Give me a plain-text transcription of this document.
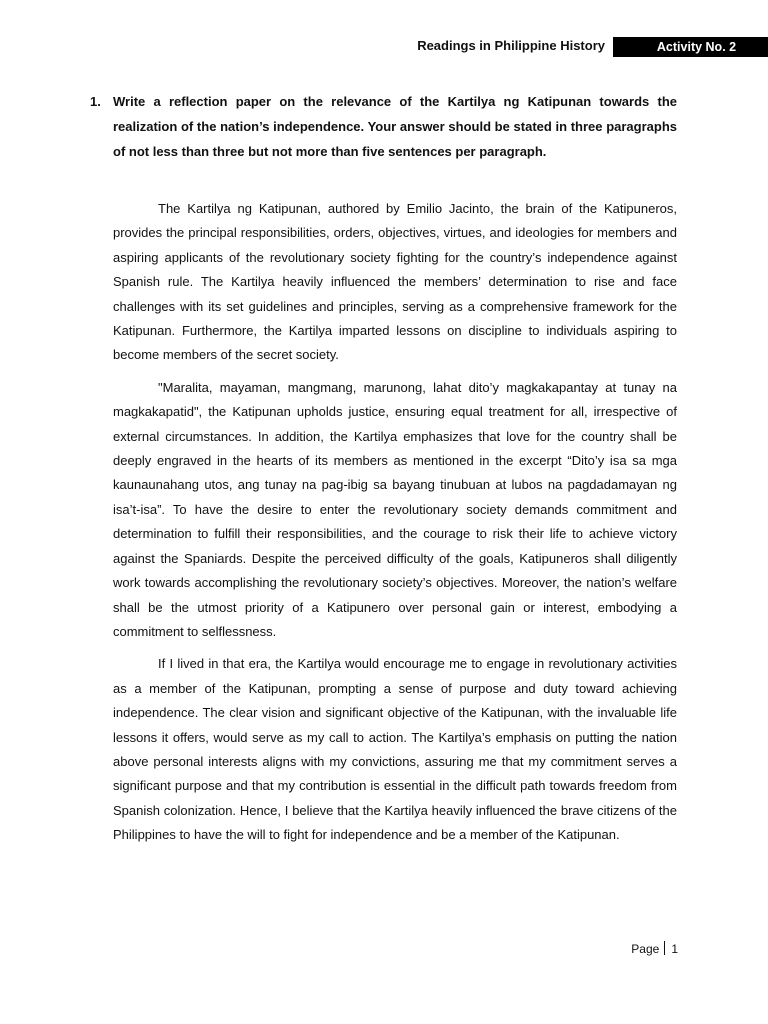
Readings in Philippine History	Activity No. 2
1. Write a reflection paper on the relevance of the Kartilya ng Katipunan towards the realization of the nation’s independence. Your answer should be stated in three paragraphs of not less than three but not more than five sentences per paragraph.

The Kartilya ng Katipunan, authored by Emilio Jacinto, the brain of the Katipuneros, provides the principal responsibilities, orders, objectives, virtues, and ideologies for members and aspiring applicants of the revolutionary society fighting for the country’s independence against Spanish rule. The Kartilya heavily influenced the members’ determination to rise and face challenges with its set guidelines and principles, serving as a comprehensive framework for the Katipunan. Furthermore, the Kartilya imparted lessons on discipline to individuals aspiring to become members of the secret society.

"Maralita, mayaman, mangmang, marunong, lahat dito’y magkakapantay at tunay na magkakapatid", the Katipunan upholds justice, ensuring equal treatment for all, irrespective of external circumstances. In addition, the Kartilya emphasizes that love for the country shall be deeply engraved in the hearts of its members as mentioned in the excerpt “Dito’y isa sa mga kaunaunahang utos, ang tunay na pag-ibig sa bayang tinubuan at lubos na pagdadamayan ng isa’t-isa”. To have the desire to enter the revolutionary society demands commitment and determination to fulfill their responsibilities, and the courage to risk their life to achieve victory against the Spaniards. Despite the perceived difficulty of the goals, Katipuneros shall diligently work towards accomplishing the revolutionary society’s objectives. Moreover, the nation’s welfare shall be the utmost priority of a Katipunero over personal gain or interest, embodying a commitment to selflessness.

If I lived in that era, the Kartilya would encourage me to engage in revolutionary activities as a member of the Katipunan, prompting a sense of purpose and duty toward achieving independence. The clear vision and significant objective of the Katipunan, with the invaluable life lessons it offers, would serve as my call to action. The Kartilya’s emphasis on putting the nation above personal interests aligns with my convictions, assuring me that my commitment serves a significant purpose and that my contribution is essential in the difficult path towards freedom from Spanish colonization. Hence, I believe that the Kartilya heavily influenced the brave citizens of the Philippines to have the will to fight for independence and be a member of the Katipunan.

Page 1
